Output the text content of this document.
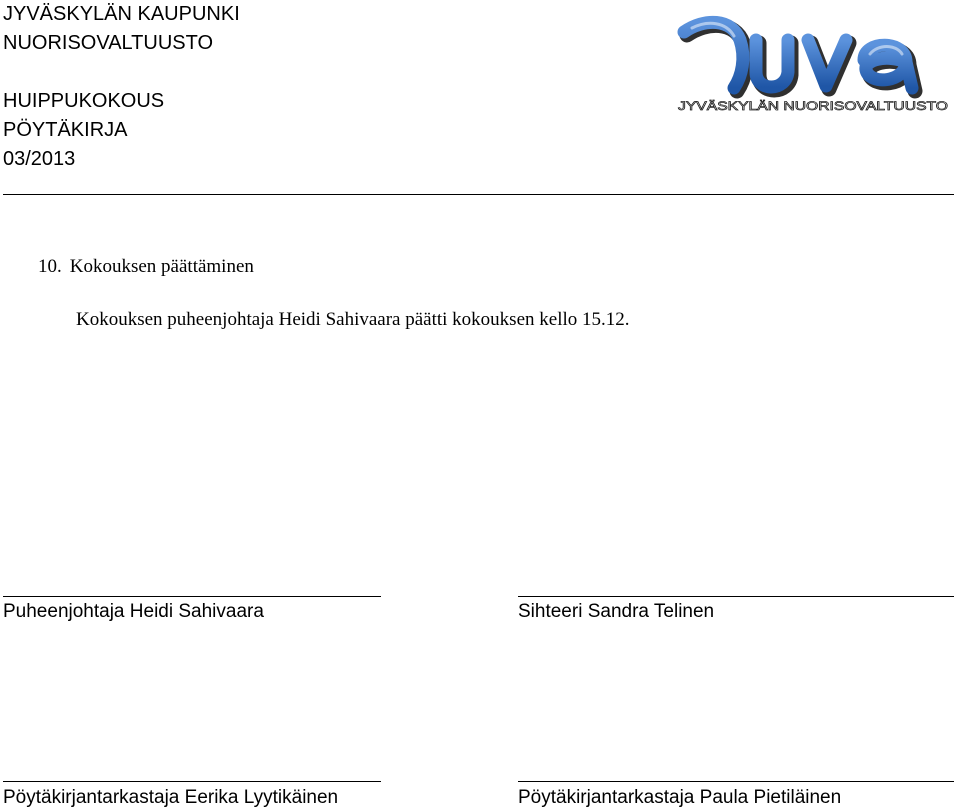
JYVÄSKYLÄN KAUPUNKI
NUORISOVALTUUSTO
HUIPPUKOKOUS
PÖYTÄKIRJA
03/2013
JYVÄSKYLÄN NUORISOVALTUUSTO
10. Kokouksen päättäminen
Kokouksen puheenjohtaja Heidi Sahivaara päätti kokouksen kello 15.12.
Puheenjohtaja Heidi Sahivaara	Sihteeri Sandra Telinen
Pöytäkirjantarkastaja Eerika Lyytikäinen	Pöytäkirjantarkastaja Paula Pietiläinen
